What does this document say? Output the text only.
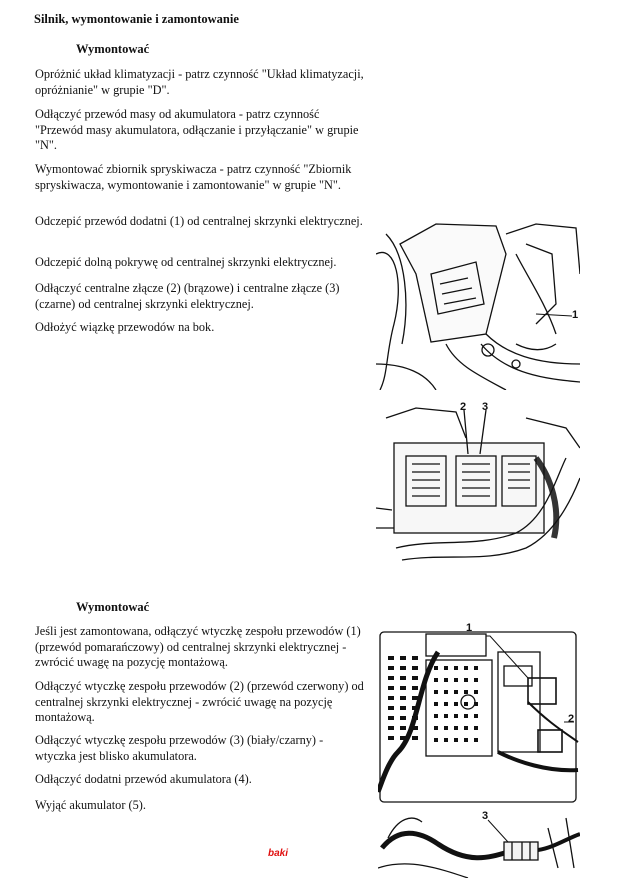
Silnik, wymontowanie i zamontowanie
Wymontować

Opróżnić układ klimatyzacji - patrz czynność "Układ klimatyzacji, opróżnianie" w grupie "D".

Odłączyć przewód masy od akumulatora - patrz czynność "Przewód masy akumulatora, odłączanie i przyłączanie" w grupie "N".

Wymontować zbiornik spryskiwacza - patrz czynność "Zbiornik spryskiwacza, wymontowanie i zamontowanie" w grupie "N".

Odczepić przewód dodatni (1) od centralnej skrzynki elektrycznej.

Odczepić dolną pokrywę od centralnej skrzynki elektrycznej.

Odłączyć centralne złącze (2) (brązowe) i centralne złącze (3) (czarne) od centralnej skrzynki elektrycznej.

Odłożyć wiązkę przewodów na bok.

1
2 3
Wymontować

Jeśli jest zamontowana, odłączyć wtyczkę zespołu przewodów (1) (przewód pomarańczowy) od centralnej skrzynki elektrycznej - zwrócić uwagę na pozycję montażową.

Odłączyć wtyczkę zespołu przewodów (2) (przewód czerwony) od centralnej skrzynki elektrycznej - zwrócić uwagę na pozycję montażową.

Odłączyć wtyczkę zespołu przewodów (3) (biały/czarny) - wtyczka jest blisko akumulatora.

Odłączyć dodatni przewód akumulatora (4).

Wyjąć akumulator (5).

1
2
3
baki
